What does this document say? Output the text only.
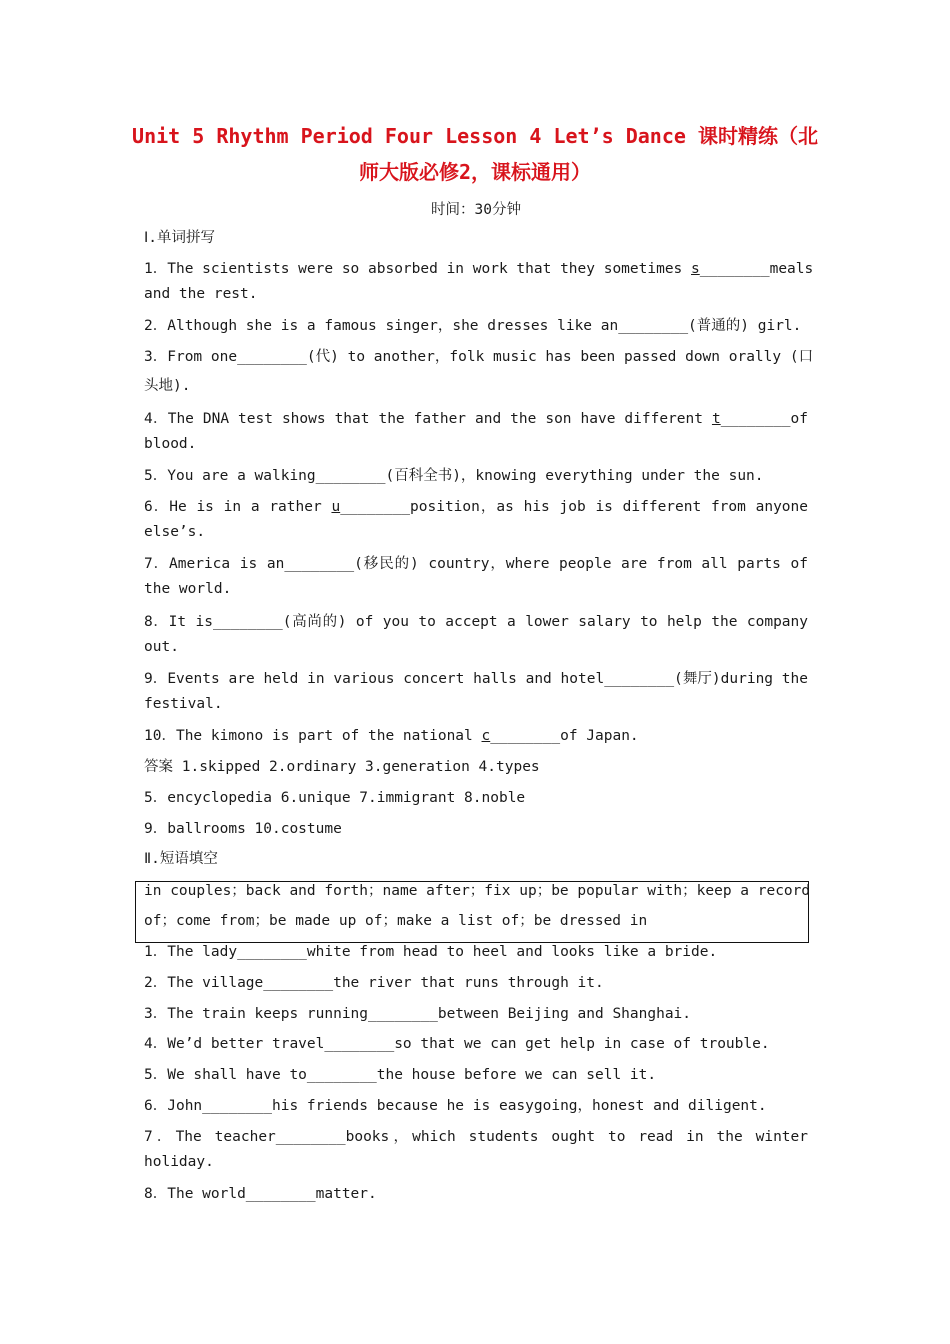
Unit 5 Rhythm Period Four Lesson 4 Let’s Dance 课时精练（北
师大版必修2，课标通用）
时间：30分钟
Ⅰ.单词拼写
1．The scientists were so absorbed in work that they sometimes s________meals
and the rest.
2．Although she is a famous singer，she dresses like an________(普通的) girl.
3．From one________(代) to another，folk music has been passed down orally (口
头地).
4．The DNA test shows that the father and the son have different t________of
blood.
5．You are a walking________(百科全书)，knowing everything under the sun.
6．He is in a rather u________position，as his job is different from anyone
else’s.
7．America is an________(移民的) country，where people are from all parts of
the world.
8．It is________(高尚的) of you to accept a lower salary to help the company
out.
9．Events are held in various concert halls and hotel________(舞厅)during the
festival.
10．The kimono is part of the national c________of Japan.
答案 1.skipped 2.ordinary 3.generation 4.types
5．encyclopedia 6.unique 7.immigrant 8.noble
9．ballrooms 10.costume
Ⅱ.短语填空
in couples；back and forth；name after；fix up；be popular with；keep a record
of；come from；be made up of；make a list of；be dressed in
1．The lady________white from head to heel and looks like a bride.
2．The village________the river that runs through it.
3．The train keeps running________between Beijing and Shanghai.
4．We’d better travel________so that we can get help in case of trouble.
5．We shall have to________the house before we can sell it.
6．John________his friends because he is easygoing，honest and diligent.
7．The teacher________books，which students ought to read in the winter
holiday.
8．The world________matter.
